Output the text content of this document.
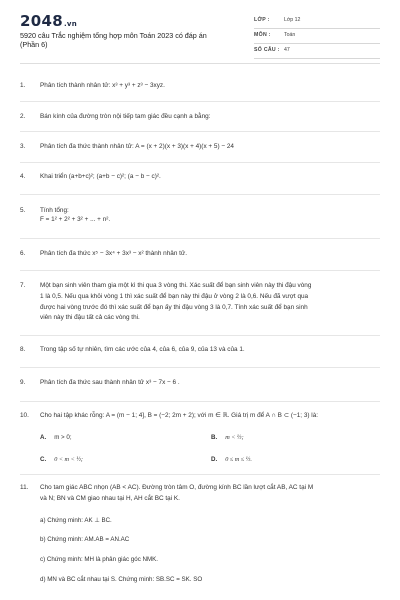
2048.vn
5920 câu Trắc nghiệm tổng hợp môn Toán 2023 có đáp án
(Phần 6)
LỚP :	Lớp 12
MÔN :	Toán
SỐ CÂU : 47
1. Phân tích thành nhân tử: x³ + y³ + z³ − 3xyz.
2. Bán kính của đường tròn nội tiếp tam giác đều cạnh a bằng:
3. Phân tích đa thức thành nhân tử: A = (x + 2)(x + 3)(x + 4)(x + 5) − 24
4. Khai triển (a+b+c)²; (a+b − c)²; (a − b − c)².
5. Tính tổng:
F = 1² + 2² + 3² + ... + n².
6. Phân tích đa thức x⁵ − 3x⁴ + 3x³ − x² thành nhân tử.
7. Một bạn sinh viên tham gia một kì thi qua 3 vòng thi. Xác suất để bạn sinh viên này thi đậu vòng
1 là 0,5. Nếu qua khỏi vòng 1 thì xác suất để bạn này thi đậu ở vòng 2 là 0,6. Nếu đã vượt qua
được hai vòng trước đó thì xác suất để bạn ấy thi đậu vòng 3 là 0,7. Tính xác suất để bạn sinh
viên này thi đậu tất cả các vòng thi.
8. Trong tập số tự nhiên, tìm các ước của 4, của 6, của 9, của 13 và của 1.
9. Phân tích đa thức sau thành nhân tử x³ − 7x − 6 .
10. Cho hai tập khác rỗng: A = (m − 1; 4], B = (−2; 2m + 2); với m ∈ ℝ. Giá trị m để A ∩ B ⊂ (−1; 3) là:
A. m > 0;	B. m < ½;
C. 0 < m < ½;	D. 0 ≤ m ≤ ½.
11. Cho tam giác ABC nhọn (AB < AC). Đường tròn tâm O, đường kính BC lần lượt cắt AB, AC tại M
và N; BN và CM giao nhau tại H, AH cắt BC tại K.
a) Chứng minh: AK ⊥ BC.
b) Chứng minh: AM.AB = AN.AC
c) Chứng minh: MH là phân giác góc NMK.
d) MN và BC cắt nhau tại S. Chứng minh: SB.SC = SK. SO
